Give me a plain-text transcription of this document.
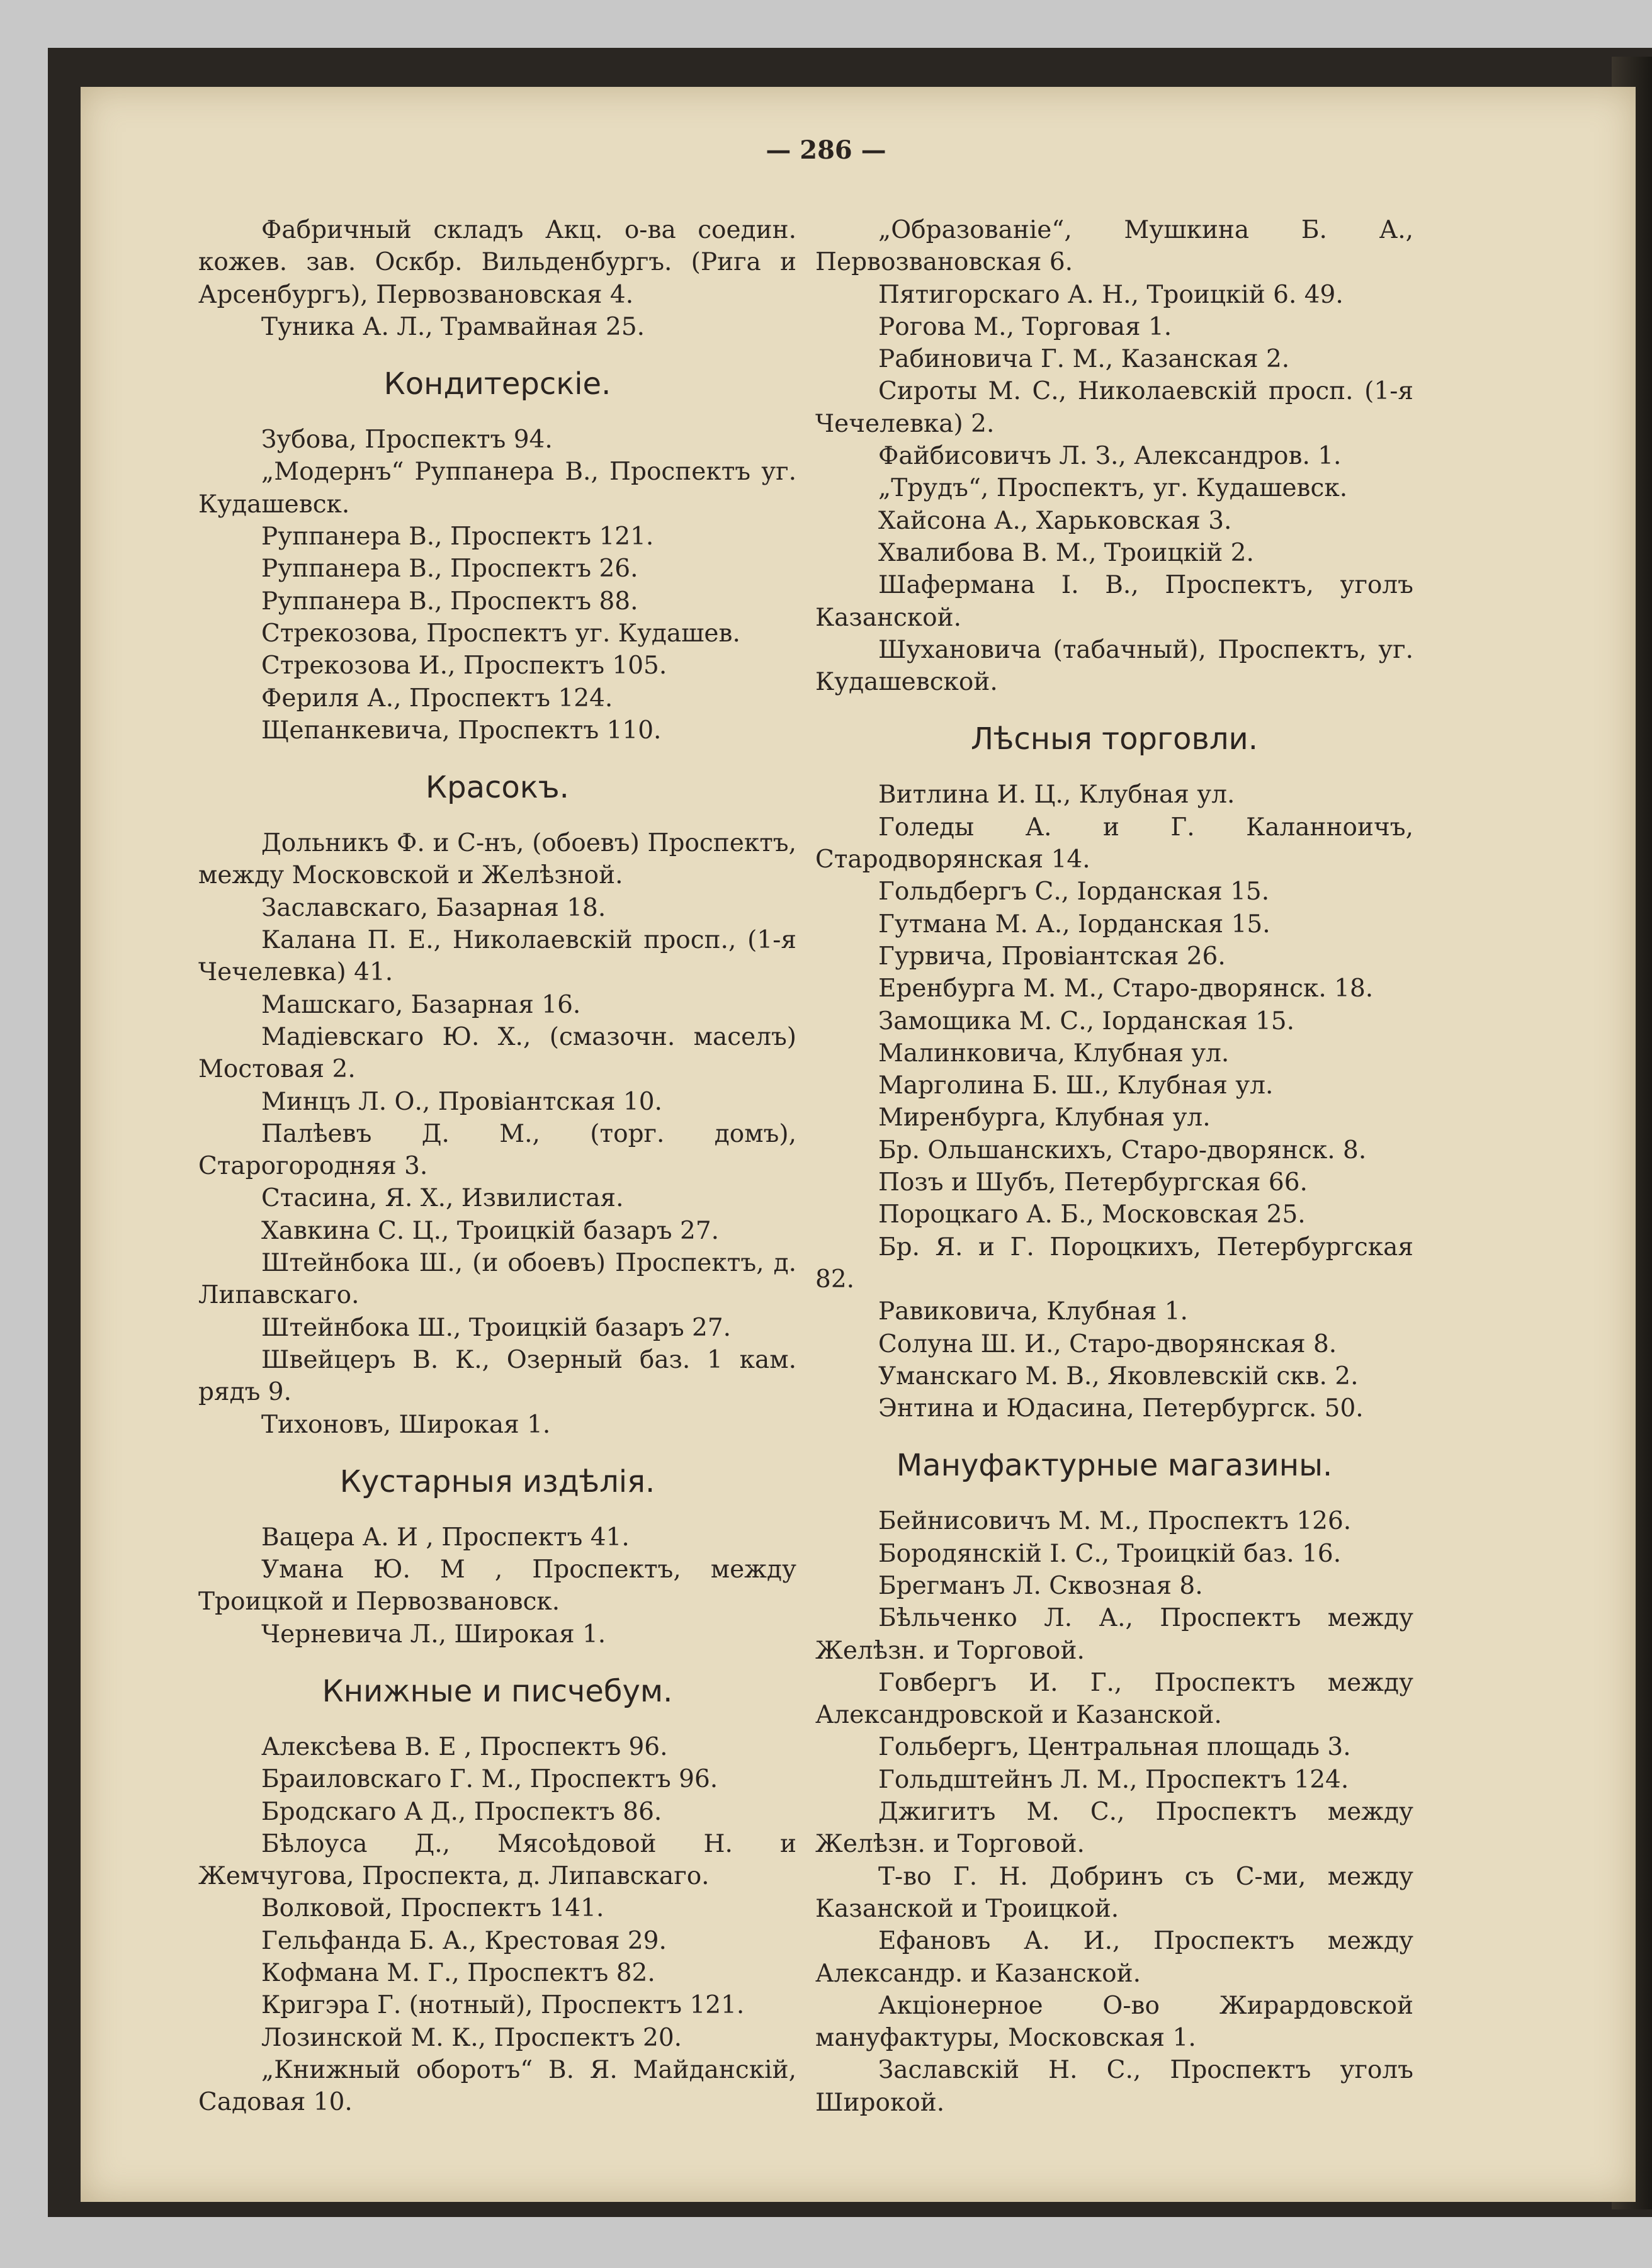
— 286 —

Фабричный складъ Акц. о-ва соедин. кожев. зав. Оскбр. Вильденбургъ. (Рига и Арсенбургъ), Первозвановская 4.

Туника А. Л., Трамвайная 25.

Кондитерскіе.

Зубова, Проспектъ 94.

„Модернъ“ Руппанера В., Проспектъ уг. Кудашевск.

Руппанера В., Проспектъ 121.

Руппанера В., Проспектъ 26.

Руппанера В., Проспектъ 88.

Стрекозова, Проспектъ уг. Кудашев.

Стрекозова И., Проспектъ 105.

Фериля А., Проспектъ 124.

Щепанкевича, Проспектъ 110.

Красокъ.

Дольникъ Ф. и С-нъ, (обоевъ) Проспектъ, между Московской и Желѣзной.

Заславскаго, Базарная 18.

Калана П. Е., Николаевскій просп., (1-я Чечелевка) 41.

Машскаго, Базарная 16.

Мадіевскаго Ю. Х., (смазочн. маселъ) Мостовая 2.

Минцъ Л. О., Провіантская 10.

Палѣевъ Д. М., (торг. домъ), Старогородняя 3.

Стасина, Я. Х., Извилистая.

Хавкина С. Ц., Троицкій базаръ 27.

Штейнбока Ш., (и обоевъ) Проспектъ, д. Липавскаго.

Штейнбока Ш., Троицкій базаръ 27.

Швейцеръ В. К., Озерный баз. 1 кам. рядъ 9.

Тихоновъ, Широкая 1.

Кустарныя издѣлія.

Вацера А. И , Проспектъ 41.

Умана Ю. М , Проспектъ, между Троицкой и Первозвановск.

Черневича Л., Широкая 1.

Книжные и писчебум.

Алексѣева В. Е , Проспектъ 96.

Браиловскаго Г. М., Проспектъ 96.

Бродскаго А Д., Проспектъ 86.

Бѣлоуса Д., Мясоѣдовой Н. и Жемчугова, Проспекта, д. Липавскаго.

Волковой, Проспектъ 141.

Гельфанда Б. А., Крестовая 29.

Кофмана М. Г., Проспектъ 82.

Кригэра Г. (нотный), Проспектъ 121.

Лозинской М. К., Проспектъ 20.

„Книжный оборотъ“ В. Я. Майданскій, Садовая 10.

„Образованіе“, Мушкина Б. А., Первозвановская 6.

Пятигорскаго А. Н., Троицкій 6. 49.

Рогова М., Торговая 1.

Рабиновича Г. М., Казанская 2.

Сироты М. С., Николаевскій просп. (1-я Чечелевка) 2.

Файбисовичъ Л. З., Александров. 1.

„Трудъ“, Проспектъ, уг. Кудашевск.

Хайсона А., Харьковская 3.

Хвалибова В. М., Троицкій 2.

Шафермана І. В., Проспектъ, уголъ Казанской.

Шухановича (табачный), Проспектъ, уг. Кудашевской.

Лѣсныя торговли.

Витлина И. Ц., Клубная ул.

Голеды А. и Г. Каланноичъ, Стародворянская 14.

Гольдбергъ С., Іорданская 15.

Гутмана М. А., Іорданская 15.

Гурвича, Провіантская 26.

Еренбурга М. М., Старо-дворянск. 18.

Замощика М. С., Іорданская 15.

Малинковича, Клубная ул.

Марголина Б. Ш., Клубная ул.

Миренбурга, Клубная ул.

Бр. Ольшанскихъ, Старо-дворянск. 8.

Позъ и Шубъ, Петербургская 66.

Пороцкаго А. Б., Московская 25.

Бр. Я. и Г. Пороцкихъ, Петербургская 82.

Равиковича, Клубная 1.

Солуна Ш. И., Старо-дворянская 8.

Уманскаго М. В., Яковлевскій скв. 2.

Энтина и Юдасина, Петербургск. 50.

Мануфактурные магазины.

Бейнисовичъ М. М., Проспектъ 126.

Бородянскій І. С., Троицкій баз. 16.

Брегманъ Л. Сквозная 8.

Бѣльченко Л. А., Проспектъ между Желѣзн. и Торговой.

Говбергъ И. Г., Проспектъ между Александровской и Казанской.

Гольбергъ, Центральная площадь 3.

Гольдштейнъ Л. М., Проспектъ 124.

Джигитъ М. С., Проспектъ между Желѣзн. и Торговой.

Т-во Г. Н. Добринъ съ С-ми, между Казанской и Троицкой.

Ефановъ А. И., Проспектъ между Александр. и Казанской.

Акціонерное О-во Жирардовской мануфактуры, Московская 1.

Заславскій Н. С., Проспектъ уголъ Широкой.
